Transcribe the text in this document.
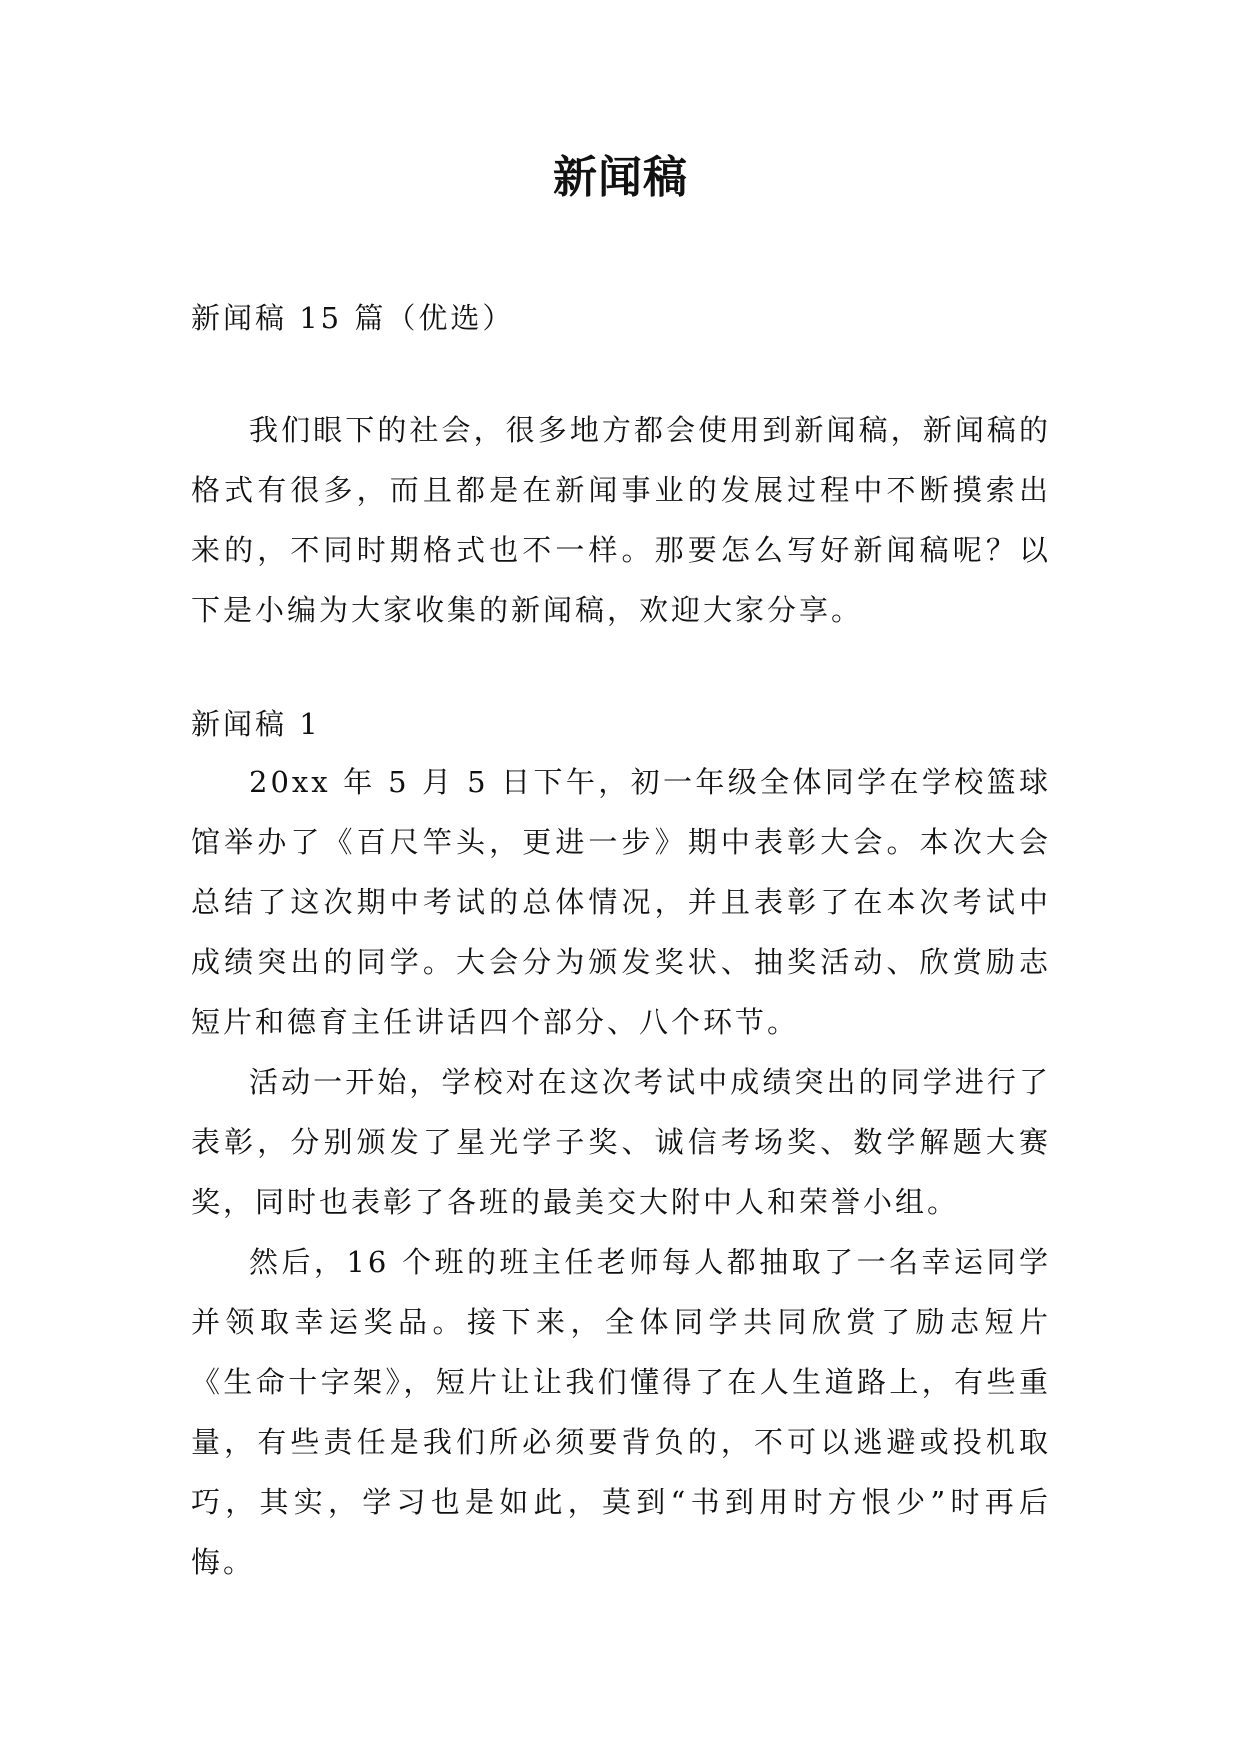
新闻稿
新闻稿 15 篇（优选）

我们眼下的社会，很多地方都会使用到新闻稿，新闻稿的格式有很多，而且都是在新闻事业的发展过程中不断摸索出来的，不同时期格式也不一样。那要怎么写好新闻稿呢？以下是小编为大家收集的新闻稿，欢迎大家分享。

新闻稿 1

20xx 年 5 月 5 日下午，初一年级全体同学在学校篮球馆举办了《百尺竿头，更进一步》期中表彰大会。本次大会总结了这次期中考试的总体情况，并且表彰了在本次考试中成绩突出的同学。大会分为颁发奖状、抽奖活动、欣赏励志短片和德育主任讲话四个部分、八个环节。

活动一开始，学校对在这次考试中成绩突出的同学进行了表彰，分别颁发了星光学子奖、诚信考场奖、数学解题大赛奖，同时也表彰了各班的最美交大附中人和荣誉小组。

然后，16 个班的班主任老师每人都抽取了一名幸运同学并领取幸运奖品。接下来，全体同学共同欣赏了励志短片《生命十字架》，短片让让我们懂得了在人生道路上，有些重量，有些责任是我们所必须要背负的，不可以逃避或投机取巧，其实，学习也是如此，莫到“书到用时方恨少”时再后悔。
